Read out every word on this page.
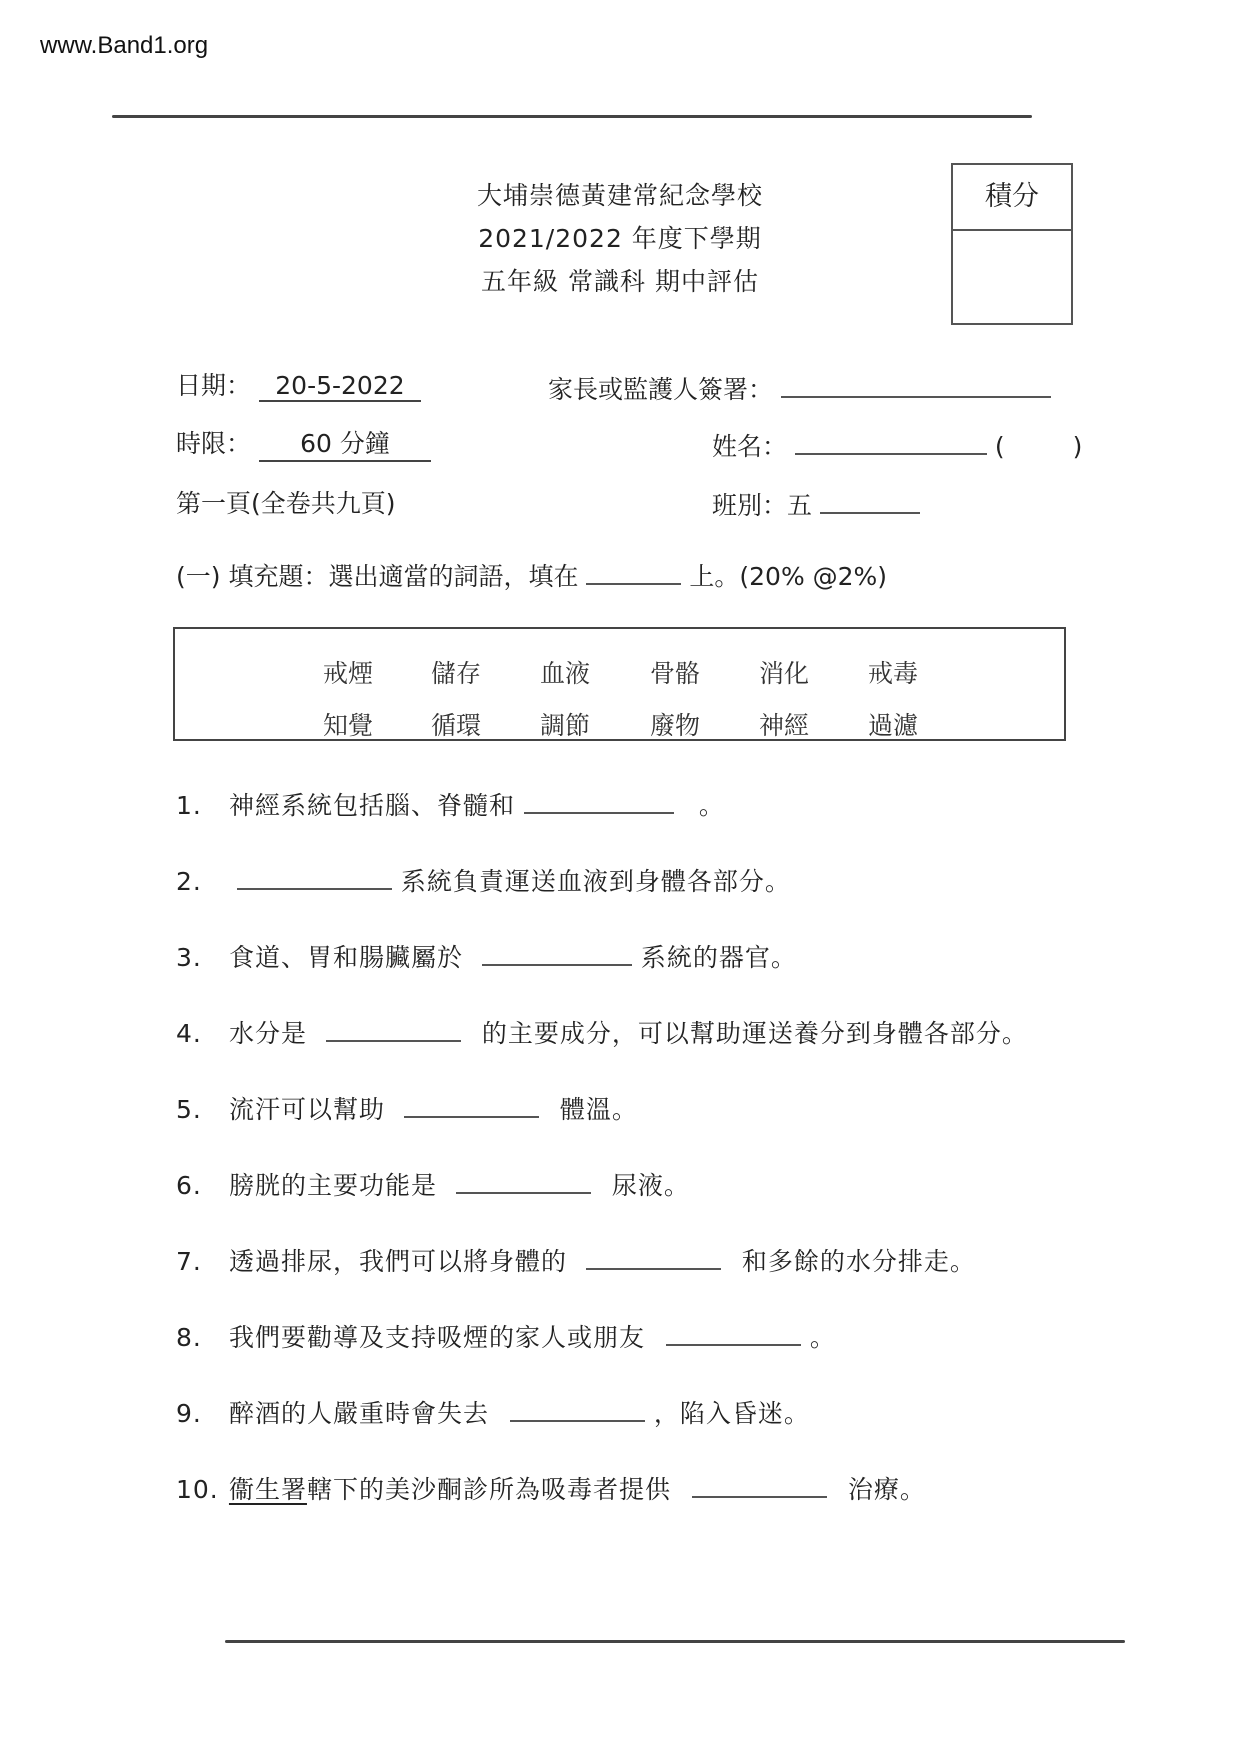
www.Band1.org
大埔崇德黃建常紀念學校
2021/2022 年度下學期
五年級 常識科 期中評估
積分
日期： 20-5-2022
時限： 60 分鐘
第一頁(全卷共九頁)
家長或監護人簽署：
姓名：	(	)
班別：五
(一) 填充題：選出適當的詞語，填在	上。(20% @2%)
戒煙 儲存 血液 骨骼 消化 戒毒
知覺 循環 調節 廢物 神經 過濾
1. 神經系統包括腦、脊髓和	。
2.	系統負責運送血液到身體各部分。
3. 食道、胃和腸臟屬於	系統的器官。
4. 水分是	的主要成分，可以幫助運送養分到身體各部分。
5. 流汗可以幫助	體溫。
6. 膀胱的主要功能是	尿液。
7. 透過排尿，我們可以將身體的	和多餘的水分排走。
8. 我們要勸導及支持吸煙的家人或朋友	。
9. 醉酒的人嚴重時會失去	，陷入昏迷。
10. 衞生署轄下的美沙酮診所為吸毒者提供	治療。
